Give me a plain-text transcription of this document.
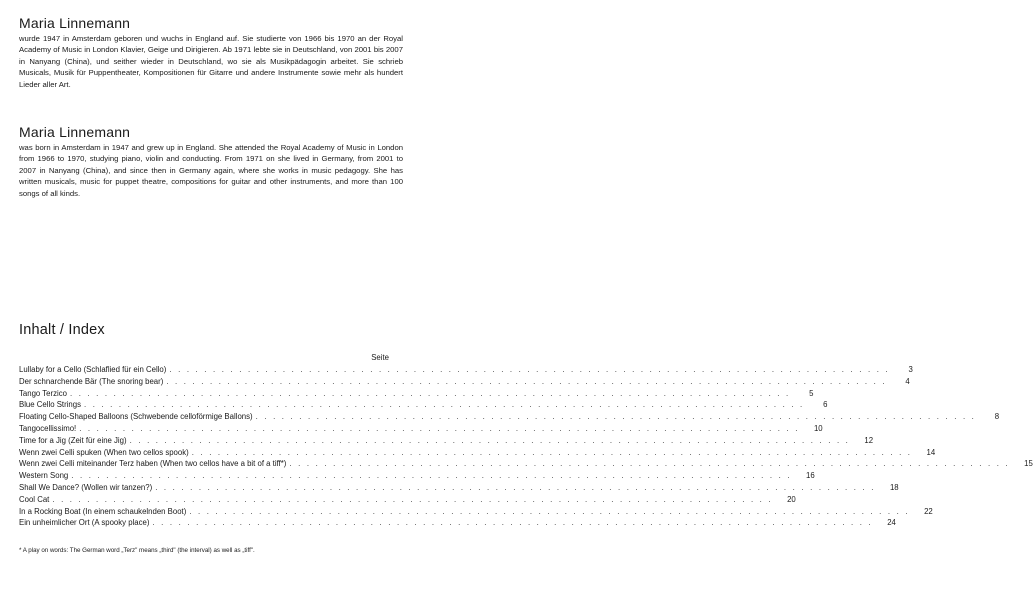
Maria Linnemann

wurde 1947 in Amsterdam geboren und wuchs in England auf. Sie studierte von 1966 bis 1970 an der Royal Academy of Music in London Klavier, Geige und Dirigieren. Ab 1971 lebte sie in Deutschland, von 2001 bis 2007 in Nanyang (China), und seither wieder in Deutschland, wo sie als Musikpädagogin arbeitet. Sie schrieb Musicals, Musik für Puppentheater, Kompositionen für Gitarre und andere Instrumente sowie mehr als hundert Lieder aller Art.

Maria Linnemann

was born in Amsterdam in 1947 and grew up in England. She attended the Royal Academy of Music in London from 1966 to 1970, studying piano, violin and conducting. From 1971 on she lived in Germany, from 2001 to 2007 in Nanyang (China), and since then in Germany again, where she works in music pedagogy. She has written musicals, music for puppet theatre, compositions for guitar and other instruments, and more than 100 songs of all kinds.

Inhalt / Index
Seite
Lullaby for a Cello (Schlaflied für ein Cello) . . . . . . . . . . . . . . . . . . . . . . . . . . . . . . . . . . . . . . . . . . . . . . . . . . . . . . . . . . . . . . . . . . . . . . . . . . . . . . . . . . .	3
Der schnarchende Bär (The snoring bear) . . . . . . . . . . . . . . . . . . . . . . . . . . . . . . . . . . . . . . . . . . . . . . . . . . . . . . . . . . . . . . . . . . . . . . . . . . . . . . . . . . .	4
Tango Terzico . . . . . . . . . . . . . . . . . . . . . . . . . . . . . . . . . . . . . . . . . . . . . . . . . . . . . . . . . . . . . . . . . . . . . . . . . . . . . . . . . . .	5
Blue Cello Strings . . . . . . . . . . . . . . . . . . . . . . . . . . . . . . . . . . . . . . . . . . . . . . . . . . . . . . . . . . . . . . . . . . . . . . . . . . . . . . . . . . .	6
Floating Cello-Shaped Balloons (Schwebende celloförmige Ballons) . . . . . . . . . . . . . . . . . . . . . . . . . . . . . . . . . . . . . . . . . . . . . . . . . . . . . . . . . . . . . . . . . . . . . . . . . . . . . . . . . . .	8
Tangocellissimo! . . . . . . . . . . . . . . . . . . . . . . . . . . . . . . . . . . . . . . . . . . . . . . . . . . . . . . . . . . . . . . . . . . . . . . . . . . . . . . . . . . .	10
Time for a Jig (Zeit für eine Jig) . . . . . . . . . . . . . . . . . . . . . . . . . . . . . . . . . . . . . . . . . . . . . . . . . . . . . . . . . . . . . . . . . . . . . . . . . . . . . . . . . . .	12
Wenn zwei Celli spuken (When two cellos spook) . . . . . . . . . . . . . . . . . . . . . . . . . . . . . . . . . . . . . . . . . . . . . . . . . . . . . . . . . . . . . . . . . . . . . . . . . . . . . . . . . . .	14
Wenn zwei Celli miteinander Terz haben (When two cellos have a bit of a tiff*) . . . . . . . . . . . . . . . . . . . . . . . . . . . . . . . . . . . . . . . . . . . . . . . . . . . . . . . . . . . . . . . . . . . . . . . . . . . . . . . . . . .	15
Western Song . . . . . . . . . . . . . . . . . . . . . . . . . . . . . . . . . . . . . . . . . . . . . . . . . . . . . . . . . . . . . . . . . . . . . . . . . . . . . . . . . . .	16
Shall We Dance? (Wollen wir tanzen?) . . . . . . . . . . . . . . . . . . . . . . . . . . . . . . . . . . . . . . . . . . . . . . . . . . . . . . . . . . . . . . . . . . . . . . . . . . . . . . . . . . .	18
Cool Cat . . . . . . . . . . . . . . . . . . . . . . . . . . . . . . . . . . . . . . . . . . . . . . . . . . . . . . . . . . . . . . . . . . . . . . . . . . . . . . . . . . .	20
In a Rocking Boat (In einem schaukelnden Boot) . . . . . . . . . . . . . . . . . . . . . . . . . . . . . . . . . . . . . . . . . . . . . . . . . . . . . . . . . . . . . . . . . . . . . . . . . . . . . . . . . . .	22
Ein unheimlicher Ort (A spooky place) . . . . . . . . . . . . . . . . . . . . . . . . . . . . . . . . . . . . . . . . . . . . . . . . . . . . . . . . . . . . . . . . . . . . . . . . . . . . . . . . . . .	24

* A play on words: The German word „Terz" means „third" (the interval) as well as „tiff".
